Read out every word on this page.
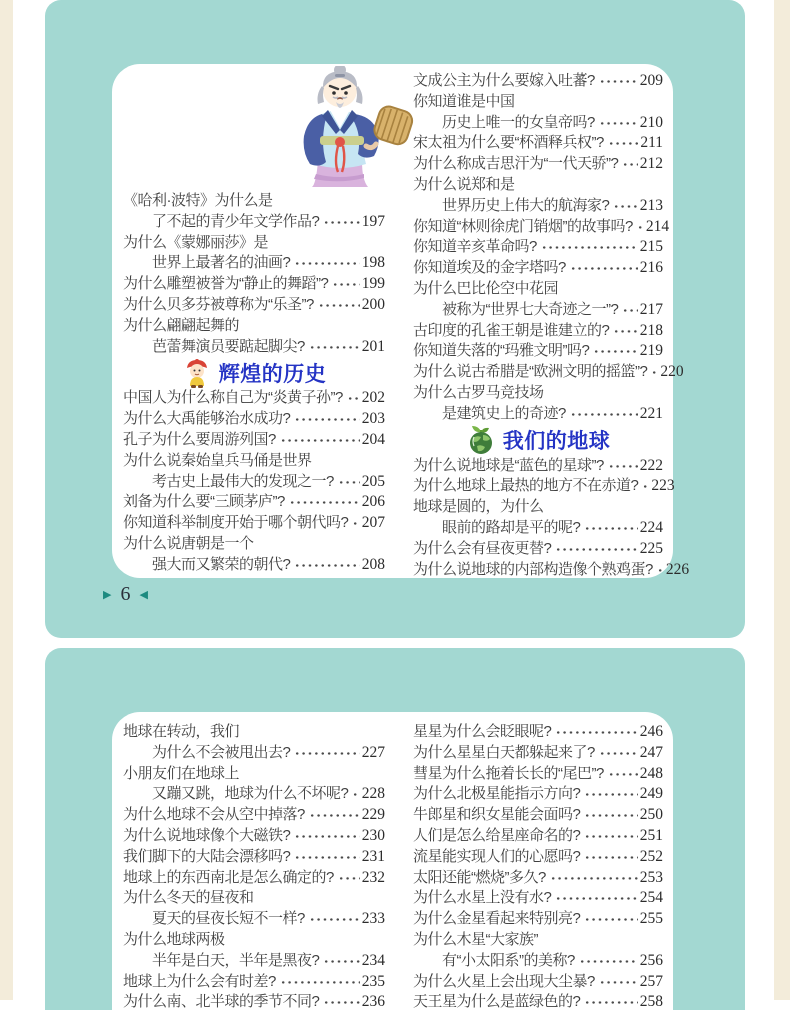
《哈利·波特》为什么是
了不起的青少年文学作品?	197
为什么《蒙娜丽莎》是
世界上最著名的油画?	198
为什么雕塑被誉为“静止的舞蹈”? 199
为什么贝多芬被尊称为“乐圣”?	200
为什么翩翩起舞的
芭蕾舞演员要踮起脚尖?	201
辉煌的历史
中国人为什么称自己为“炎黄子孙”? 202
为什么大禹能够治水成功?	203
孔子为什么要周游列国?	204
为什么说秦始皇兵马俑是世界
考古史上最伟大的发现之一? 205
刘备为什么要“三顾茅庐”?	206
你知道科举制度开始于哪个朝代吗? 207
为什么说唐朝是一个
强大而又繁荣的朝代?	208
文成公主为什么要嫁入吐蕃?	209
你知道谁是中国
历史上唯一的女皇帝吗?	210
宋太祖为什么要“杯酒释兵权”? 211
为什么称成吉思汗为“一代天骄”? 212
为什么说郑和是
世界历史上伟大的航海家? 213
你知道“林则徐虎门销烟”的故事吗? 214
你知道辛亥革命吗?	215
你知道埃及的金字塔吗?	216
为什么巴比伦空中花园
被称为“世界七大奇迹之一”? 217
古印度的孔雀王朝是谁建立的? 218
你知道失落的“玛雅文明”吗?	219
为什么说古希腊是“欧洲文明的摇篮”? 220
为什么古罗马竞技场
是建筑史上的奇迹?	221
我们的地球
为什么说地球是“蓝色的星球”? 222
为什么地球上最热的地方不在赤道? 223
地球是圆的，为什么
眼前的路却是平的呢?	224
为什么会有昼夜更替?	225
为什么说地球的内部构造像个熟鸡蛋? 226
▶ 6 ◀
地球在转动，我们
为什么不会被甩出去?	227
小朋友们在地球上
又蹦又跳，地球为什么不坏呢? 228
为什么地球不会从空中掉落?	229
为什么说地球像个大磁铁?	230
我们脚下的大陆会漂移吗?	231
地球上的东西南北是怎么确定的? 232
为什么冬天的昼夜和
夏天的昼夜长短不一样?	233
为什么地球两极
半年是白天，半年是黑夜?	234
地球上为什么会有时差?	235
为什么南、北半球的季节不同?	236
星星为什么会眨眼呢?	246
为什么星星白天都躲起来了?	247
彗星为什么拖着长长的“尾巴”? 248
为什么北极星能指示方向?	249
牛郎星和织女星能会面吗?	250
人们是怎么给星座命名的?	251
流星能实现人们的心愿吗?	252
太阳还能“燃烧”多久?	253
为什么水星上没有水?	254
为什么金星看起来特别亮?	255
为什么木星“大家族”
有“小太阳系”的美称?	256
为什么火星上会出现大尘暴?	257
天王星为什么是蓝绿色的?	258
